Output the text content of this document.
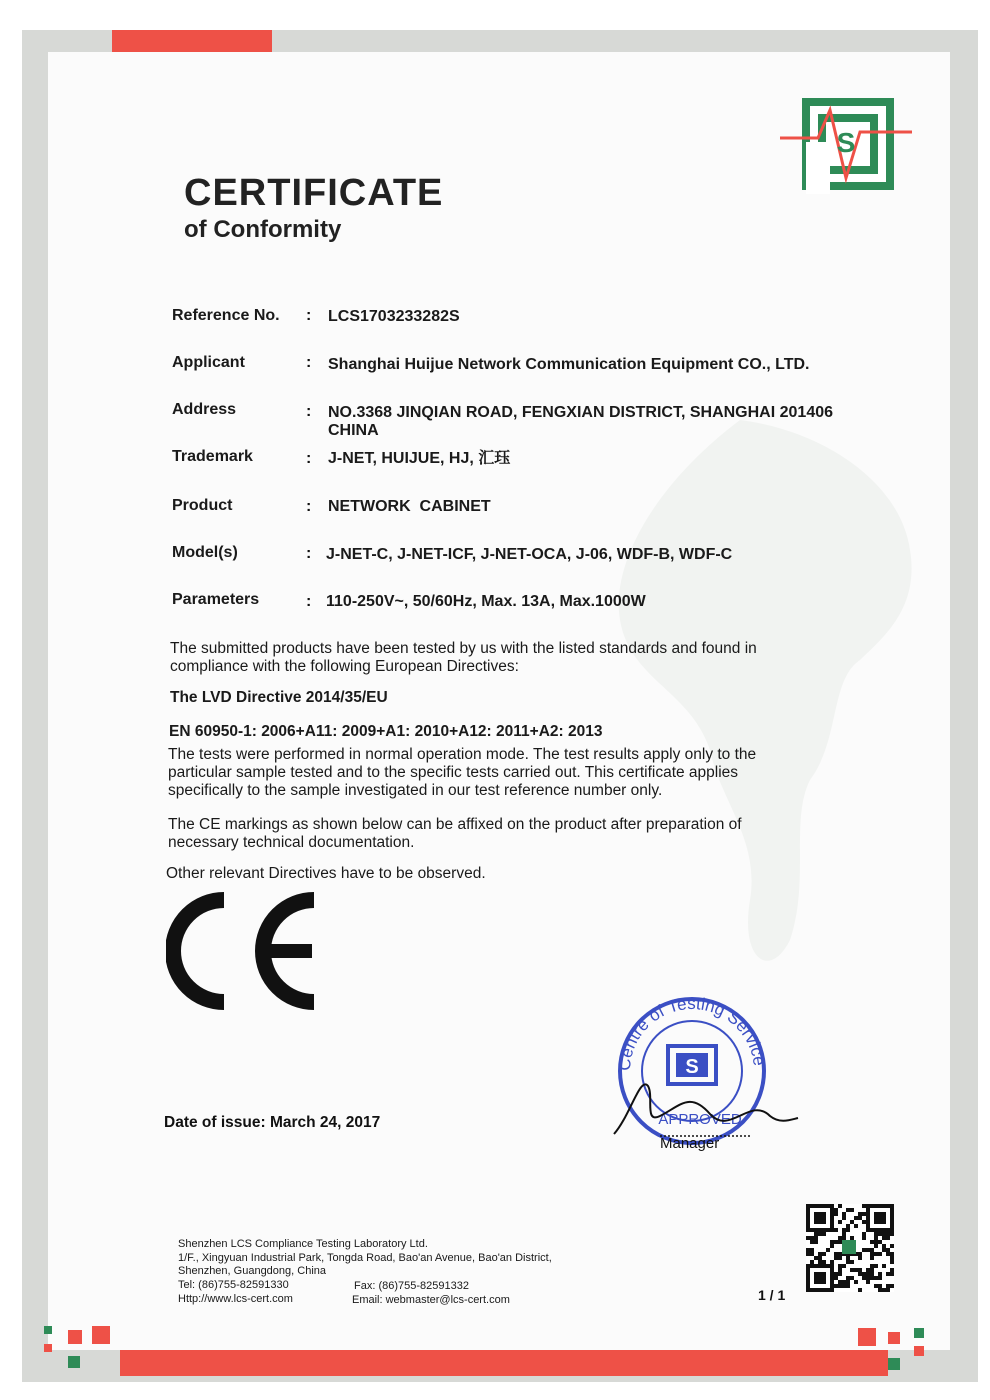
S
CERTIFICATE
of Conformity
Reference No. : LCS1703233282S
Applicant	: Shanghai Huijue Network Communication Equipment CO., LTD.
Address	: NO.3368 JINQIAN ROAD, FENGXIAN DISTRICT, SHANGHAI 201406 CHINA
Trademark	: J-NET, HUIJUE, HJ, 汇珏
Product	: NETWORK  CABINET
Model(s)	: J-NET-C, J-NET-ICF, J-NET-OCA, J-06, WDF-B, WDF-C
Parameters	: 110-250V~, 50/60Hz, Max. 13A, Max.1000W
The submitted products have been tested by us with the listed standards and found in compliance with the following European Directives:
The LVD Directive 2014/35/EU
EN 60950-1: 2006+A11: 2009+A1: 2010+A12: 2011+A2: 2013
The tests were performed in normal operation mode. The test results apply only to the particular sample tested and to the specific tests carried out. This certificate applies specifically to the sample investigated in our test reference number only.
The CE markings as shown below can be affixed on the product after preparation of necessary technical documentation.
Other relevant Directives have to be observed.
Date of issue: March 24, 2017
Centre of Testing Service
S
APPROVED
Manager
Shenzhen LCS Compliance Testing Laboratory Ltd.
1/F., Xingyuan Industrial Park, Tongda Road, Bao'an Avenue, Bao'an District,
Shenzhen, Guangdong, China
Tel: (86)755-82591330	Fax: (86)755-82591332
Http://www.lcs-cert.com	Email: webmaster@lcs-cert.com	1 / 1
